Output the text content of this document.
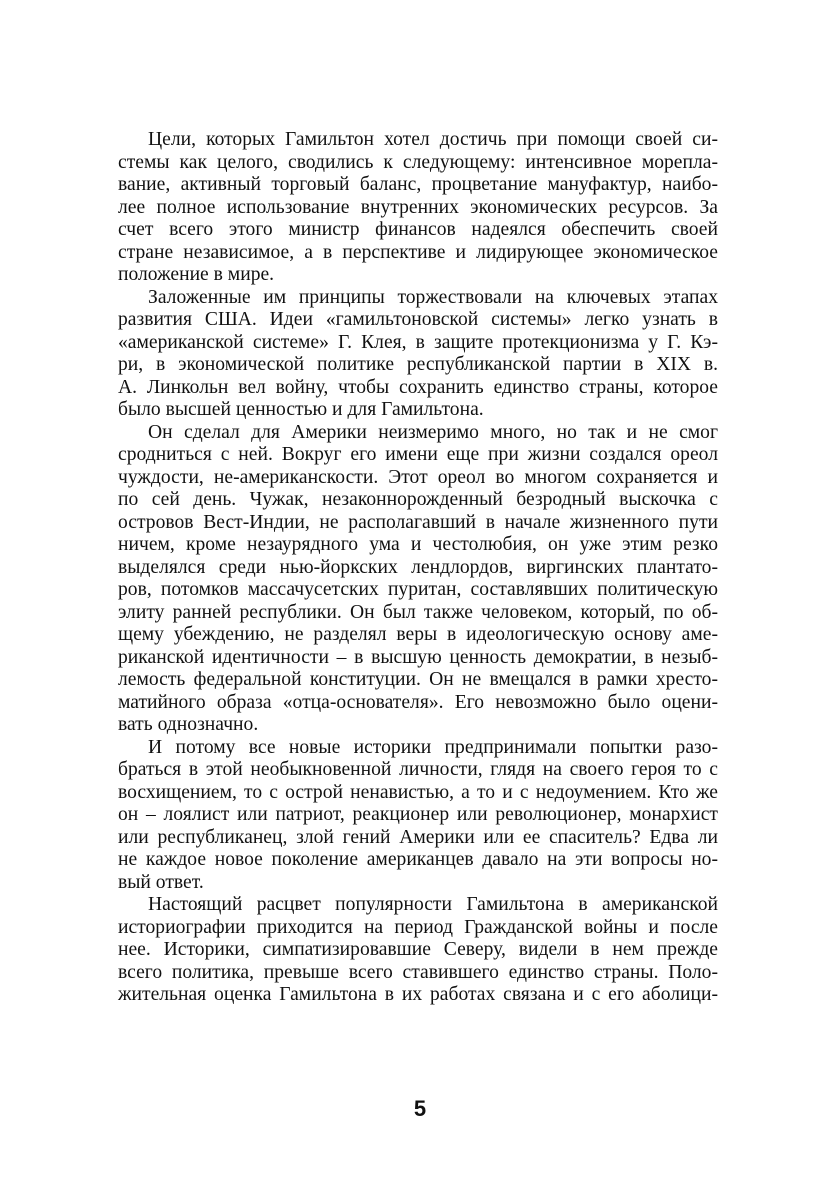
Цели, которых Гамильтон хотел достичь при помощи своей си-
стемы как целого, сводились к следующему: интенсивное морепла-
вание, активный торговый баланс, процветание мануфактур, наибо-
лее полное использование внутренних экономических ресурсов. За
счет всего этого министр финансов надеялся обеспечить своей
стране независимое, а в перспективе и лидирующее экономическое
положение в мире.
Заложенные им принципы торжествовали на ключевых этапах
развития США. Идеи «гамильтоновской системы» легко узнать в
«американской системе» Г. Клея, в защите протекционизма у Г. Кэ-
ри, в экономической политике республиканской партии в XIX в.
А. Линкольн вел войну, чтобы сохранить единство страны, которое
было высшей ценностью и для Гамильтона.
Он сделал для Америки неизмеримо много, но так и не смог
сродниться с ней. Вокруг его имени еще при жизни создался ореол
чуждости, не-американскости. Этот ореол во многом сохраняется и
по сей день. Чужак, незаконнорожденный безродный выскочка с
островов Вест-Индии, не располагавший в начале жизненного пути
ничем, кроме незаурядного ума и честолюбия, он уже этим резко
выделялся среди нью-йоркских лендлордов, виргинских плантато-
ров, потомков массачусетских пуритан, составлявших политическую
элиту ранней республики. Он был также человеком, который, по об-
щему убеждению, не разделял веры в идеологическую основу аме-
риканской идентичности – в высшую ценность демократии, в незыб-
лемость федеральной конституции. Он не вмещался в рамки хресто-
матийного образа «отца-основателя». Его невозможно было оцени-
вать однозначно.
И потому все новые историки предпринимали попытки разо-
браться в этой необыкновенной личности, глядя на своего героя то с
восхищением, то с острой ненавистью, а то и с недоумением. Кто же
он – лоялист или патриот, реакционер или революционер, монархист
или республиканец, злой гений Америки или ее спаситель? Едва ли
не каждое новое поколение американцев давало на эти вопросы но-
вый ответ.
Настоящий расцвет популярности Гамильтона в американской
историографии приходится на период Гражданской войны и после
нее. Историки, симпатизировавшие Северу, видели в нем прежде
всего политика, превыше всего ставившего единство страны. Поло-
жительная оценка Гамильтона в их работах связана и с его аболици-
5
